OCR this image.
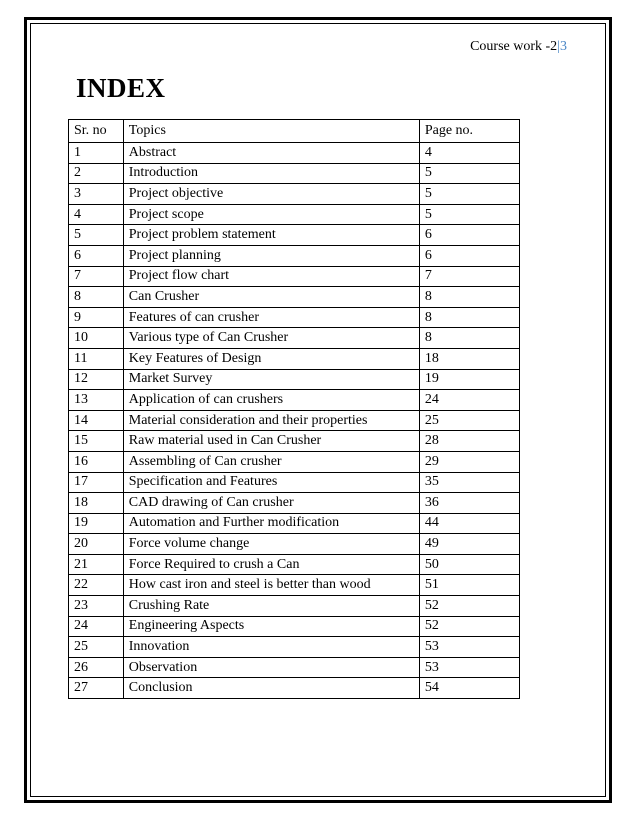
Course work -2|3
INDEX
Sr. no	Topics	Page no.
1	Abstract	4
2	Introduction	5
3	Project objective	5
4	Project scope	5
5	Project problem statement	6
6	Project planning	6
7	Project flow chart	7
8	Can Crusher	8
9	Features of can crusher	8
10	Various type of Can Crusher	8
11	Key Features of Design	18
12	Market Survey	19
13	Application of can crushers	24
14	Material consideration and their properties	25
15	Raw material used in Can Crusher	28
16	Assembling of Can crusher	29
17	Specification and Features	35
18	CAD drawing of Can crusher	36
19	Automation and Further modification	44
20	Force volume change	49
21	Force Required to crush a Can	50
22	How cast iron and steel is better than wood	51
23	Crushing Rate	52
24	Engineering Aspects	52
25	Innovation	53
26	Observation	53
27	Conclusion	54
